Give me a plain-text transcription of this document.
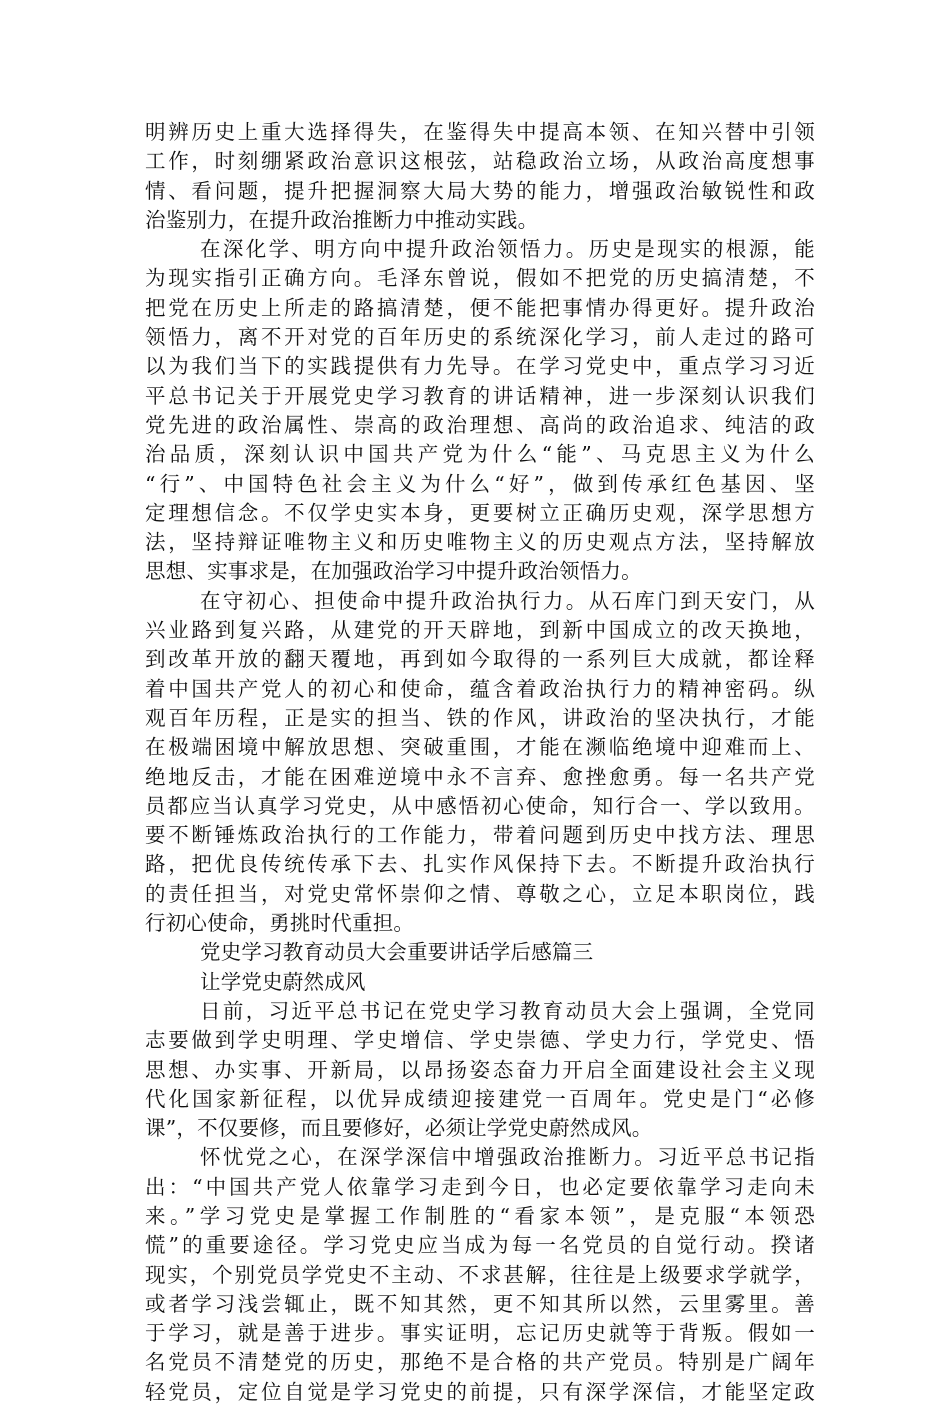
明辨历史上重大选择得失，在鉴得失中提高本领、在知兴替中引领
工作，时刻绷紧政治意识这根弦，站稳政治立场，从政治高度想事
情、看问题，提升把握洞察大局大势的能力，增强政治敏锐性和政
治鉴别力，在提升政治推断力中推动实践。
在深化学、明方向中提升政治领悟力。历史是现实的根源，能
为现实指引正确方向。毛泽东曾说，假如不把党的历史搞清楚，不
把党在历史上所走的路搞清楚，便不能把事情办得更好。提升政治
领悟力，离不开对党的百年历史的系统深化学习，前人走过的路可
以为我们当下的实践提供有力先导。在学习党史中，重点学习习近
平总书记关于开展党史学习教育的讲话精神，进一步深刻认识我们
党先进的政治属性、崇高的政治理想、高尚的政治追求、纯洁的政
治品质，深刻认识中国共产党为什么“能”、马克思主义为什么
“行”、中国特色社会主义为什么“好”，做到传承红色基因、坚
定理想信念。不仅学史实本身，更要树立正确历史观，深学思想方
法，坚持辩证唯物主义和历史唯物主义的历史观点方法，坚持解放
思想、实事求是，在加强政治学习中提升政治领悟力。
在守初心、担使命中提升政治执行力。从石库门到天安门，从
兴业路到复兴路，从建党的开天辟地，到新中国成立的改天换地，
到改革开放的翻天覆地，再到如今取得的一系列巨大成就，都诠释
着中国共产党人的初心和使命，蕴含着政治执行力的精神密码。纵
观百年历程，正是实的担当、铁的作风，讲政治的坚决执行，才能
在极端困境中解放思想、突破重围，才能在濒临绝境中迎难而上、
绝地反击，才能在困难逆境中永不言弃、愈挫愈勇。每一名共产党
员都应当认真学习党史，从中感悟初心使命，知行合一、学以致用。
要不断锤炼政治执行的工作能力，带着问题到历史中找方法、理思
路，把优良传统传承下去、扎实作风保持下去。不断提升政治执行
的责任担当，对党史常怀崇仰之情、尊敬之心，立足本职岗位，践
行初心使命，勇挑时代重担。
党史学习教育动员大会重要讲话学后感篇三
让学党史蔚然成风
日前，习近平总书记在党史学习教育动员大会上强调，全党同
志要做到学史明理、学史增信、学史崇德、学史力行，学党史、悟
思想、办实事、开新局，以昂扬姿态奋力开启全面建设社会主义现
代化国家新征程，以优异成绩迎接建党一百周年。党史是门“必修
课”，不仅要修，而且要修好，必须让学党史蔚然成风。
怀忧党之心，在深学深信中增强政治推断力。习近平总书记指
出：“中国共产党人依靠学习走到今日，也必定要依靠学习走向未
来。”学习党史是掌握工作制胜的“看家本领”，是克服“本领恐
慌”的重要途径。学习党史应当成为每一名党员的自觉行动。揆诸
现实，个别党员学党史不主动、不求甚解，往往是上级要求学就学，
或者学习浅尝辄止，既不知其然，更不知其所以然，云里雾里。善
于学习，就是善于进步。事实证明，忘记历史就等于背叛。假如一
名党员不清楚党的历史，那绝不是合格的共产党员。特别是广阔年
轻党员，定位自觉是学习党史的前提，只有深学深信，才能坚定政
